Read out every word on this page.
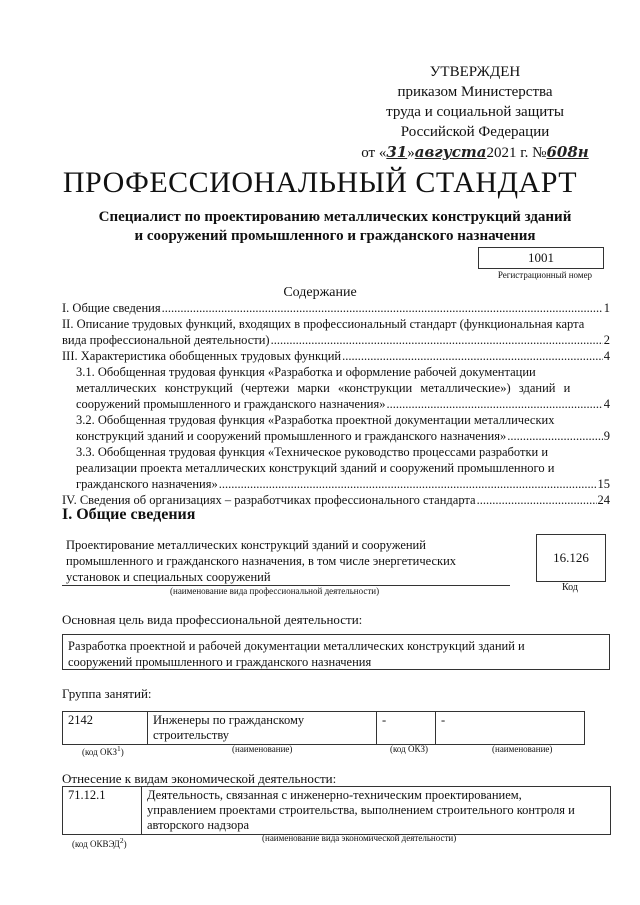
УТВЕРЖДЕН
приказом Министерства
труда и социальной защиты
Российской Федерации
от «31»августа2021 г. №608н
ПРОФЕССИОНАЛЬНЫЙ СТАНДАРТ
Специалист по проектированию металлических конструкций зданий
и сооружений промышленного и гражданского назначения
1001
Регистрационный номер
Содержание
I. Общие сведения .....	1
II. Описание трудовых функций, входящих в профессиональный стандарт (функциональная карта
вида профессиональной деятельности) .....	2
III. Характеристика обобщенных трудовых функций .....	4
3.1. Обобщенная трудовая функция «Разработка и оформление рабочей документации
металлических конструкций (чертежи марки «конструкции металлические») зданий и
сооружений промышленного и гражданского назначения» .....	4
3.2. Обобщенная трудовая функция «Разработка проектной документации металлических
конструкций зданий и сооружений промышленного и гражданского назначения» .....	9
3.3. Обобщенная трудовая функция «Техническое руководство процессами разработки и
реализации проекта металлических конструкций зданий и сооружений промышленного и
гражданского назначения» .....	15
IV. Сведения об организациях – разработчиках профессионального стандарта .....	24
I. Общие сведения
Проектирование металлических конструкций зданий и сооружений
промышленного и гражданского назначения, в том числе энергетических
установок и специальных сооружений
(наименование вида профессиональной деятельности)
16.126
Код
Основная цель вида профессиональной деятельности:
Разработка проектной и рабочей документации металлических конструкций зданий и
сооружений промышленного и гражданского назначения
Группа занятий:
2142	Инженеры по гражданскому
строительству
	-	-
(код ОКЗ$^1$)	(наименование)	(код ОКЗ)	(наименование)
Отнесение к видам экономической деятельности:
71.12.1	Деятельность, связанная с инженерно-техническим проектированием,
управлением проектами строительства, выполнением строительного контроля и
авторского надзора
(код ОКВЭД$^2$)
(наименование вида экономической деятельности)
